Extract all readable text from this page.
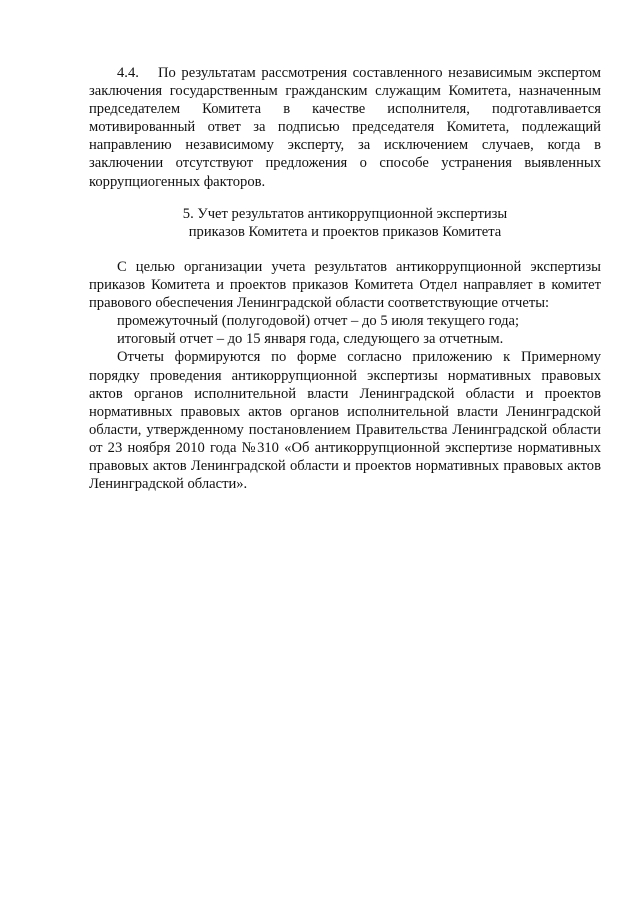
4.4. По результатам рассмотрения составленного независимым экспертом заключения государственным гражданским служащим Комитета, назначенным председателем Комитета в качестве исполнителя, подготавливается мотивированный ответ за подписью председателя Комитета, подлежащий направлению независимому эксперту, за исключением случаев, когда в заключении отсутствуют предложения о способе устранения выявленных коррупциогенных факторов.

5. Учет результатов антикоррупционной экспертизы
приказов Комитета и проектов приказов Комитета

С целью организации учета результатов антикоррупционной экспертизы приказов Комитета и проектов приказов Комитета Отдел направляет в комитет правового обеспечения Ленинградской области соответствующие отчеты:

промежуточный (полугодовой) отчет – до 5 июля текущего года;

итоговый отчет – до 15 января года, следующего за отчетным.

Отчеты формируются по форме согласно приложению к Примерному порядку проведения антикоррупционной экспертизы нормативных правовых актов органов исполнительной власти Ленинградской области и проектов нормативных правовых актов органов исполнительной власти Ленинградской области, утвержденному постановлением Правительства Ленинградской области от 23 ноября 2010 года №310 «Об антикоррупционной экспертизе нормативных правовых актов Ленинградской области и проектов нормативных правовых актов Ленинградской области».
